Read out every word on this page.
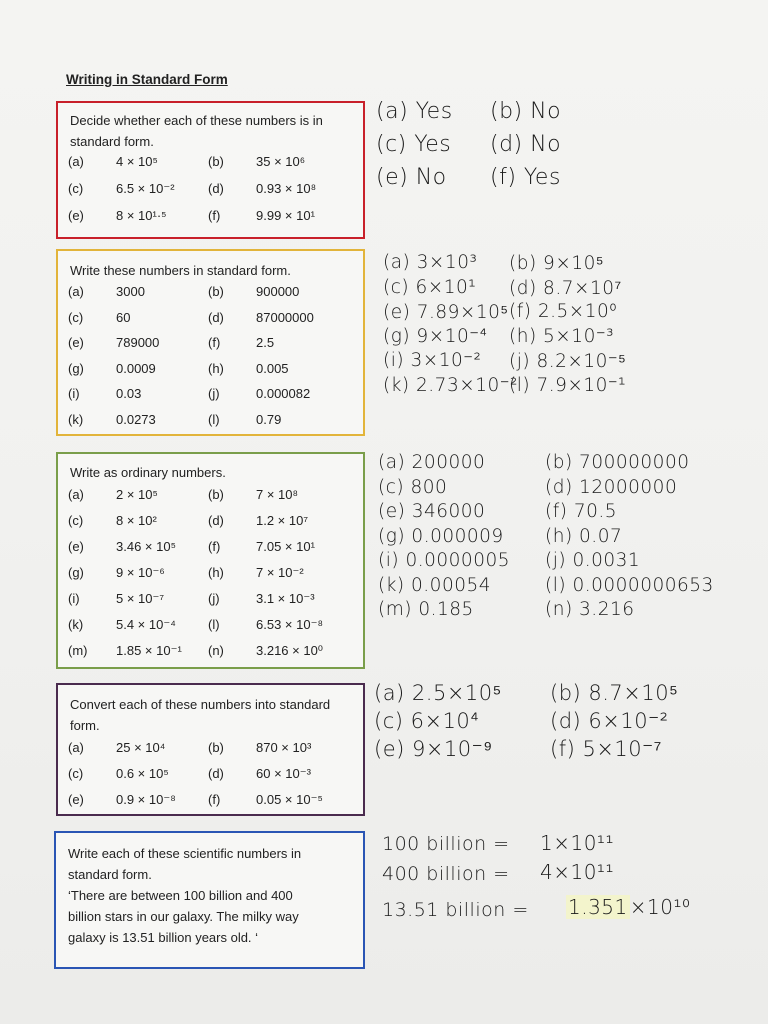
Writing in Standard Form
Decide whether each of these numbers is in standard form.
(a) 4 × 10⁵	(b) 35 × 10⁶
(c)	6.5 × 10⁻²	(d) 0.93 × 10⁸
(e) 8 × 10¹·⁵	(f)	9.99 × 10¹
Write these numbers in standard form.
(a) 3000	(b) 900000
(c)	60	(d) 87000000
(e) 789000	(f)	2.5
(g) 0.0009	(h) 0.005
(i)	0.03	(j)	0.000082
(k)	0.0273	(l)	0.79
Write as ordinary numbers.
(a) 2 × 10⁵	(b) 7 × 10⁸
(c)	8 × 10²	(d) 1.2 × 10⁷
(e) 3.46 × 10⁵ (f)	7.05 × 10¹
(g) 9 × 10⁻⁶	(h) 7 × 10⁻²
(i)	5 × 10⁻⁷	(j)	3.1 × 10⁻³
(k)	5.4 × 10⁻⁴ (l)	6.53 × 10⁻⁸
(m) 1.85 × 10⁻¹ (n) 3.216 × 10⁰
Convert each of these numbers into standard form.
(a) 25 × 10⁴	(b) 870 × 10³
(c)	0.6 × 10⁵	(d) 60 × 10⁻³
(e) 0.9 × 10⁻⁸ (f)	0.05 × 10⁻⁵
Write each of these scientific numbers in
standard form.
‘There are between 100 billion and 400
billion stars in our galaxy. The milky way
galaxy is 13.51 billion years old. ‘
(a) Yes (b) No
(c) Yes (d) No
(e) No (f) Yes
(a) 3×10³ (b) 9×10⁵
(c) 6×10¹ (d) 8.7×10⁷
(e) 7.89×10⁵ (f) 2.5×10⁰
(g) 9×10⁻⁴ (h) 5×10⁻³
(i) 3×10⁻² (j) 8.2×10⁻⁵
(k) 2.73×10⁻²
(l) 7.9×10⁻¹
(a) 200000	(b) 700000000
(c) 800	(d) 12000000
(e) 346000	(f) 70.5
(g) 0.000009 (h) 0.07
(i) 0.0000005 (j) 0.0031
(k) 0.00054	(l) 0.0000000653
(m) 0.185	(n) 3.216
(a) 2.5×10⁵ (b) 8.7×10⁵
(c) 6×10⁴	(d) 6×10⁻²
(e) 9×10⁻⁹	(f) 5×10⁻⁷
100 billion = 1×10¹¹
400 billion = 4×10¹¹
13.51 billion = 1.351 ×10¹⁰
